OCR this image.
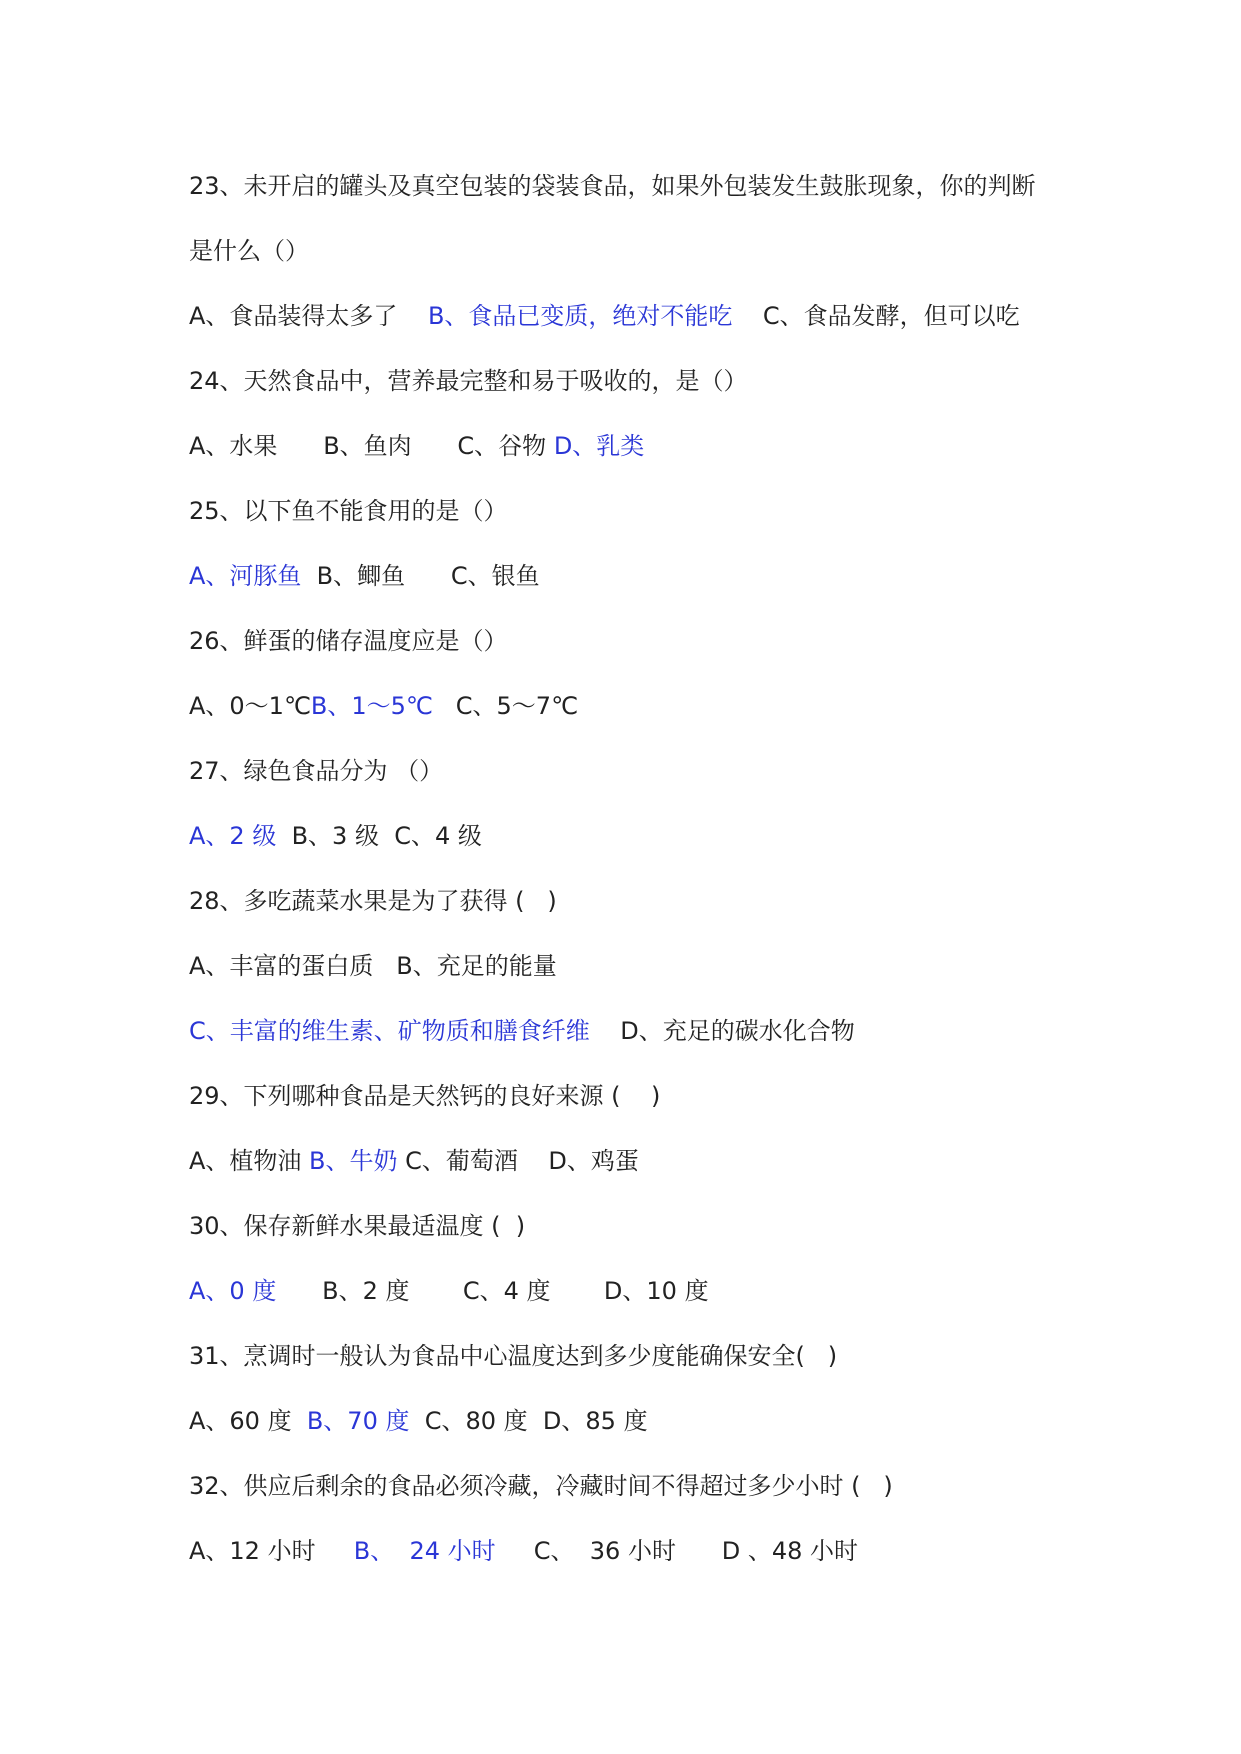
23、未开启的罐头及真空包装的袋装食品，如果外包装发生鼓胀现象，你的判断
是什么（）
A、食品装得太多了    B、食品已变质，绝对不能吃    C、食品发酵，但可以吃
24、天然食品中，营养最完整和易于吸收的，是（）
A、水果      B、鱼肉      C、谷物 D、乳类
25、以下鱼不能食用的是（）
A、河豚鱼  B、鲫鱼      C、银鱼
26、鲜蛋的储存温度应是（）
A、0～1℃B、1～5℃   C、5～7℃
27、绿色食品分为 （）
A、2 级  B、3 级  C、4 级
28、多吃蔬菜水果是为了获得 (   )
A、丰富的蛋白质   B、充足的能量
C、丰富的维生素、矿物质和膳食纤维    D、充足的碳水化合物
29、下列哪种食品是天然钙的良好来源 (    )
A、植物油 B、牛奶 C、葡萄酒    D、鸡蛋
30、保存新鲜水果最适温度 (  )
A、0 度      B、2 度       C、4 度       D、10 度
31、烹调时一般认为食品中心温度达到多少度能确保安全(   )
A、60 度  B、70 度  C、80 度  D、85 度
32、供应后剩余的食品必须冷藏，冷藏时间不得超过多少小时 (   )
A、12 小时     B、  24 小时     C、  36 小时      D 、48 小时
